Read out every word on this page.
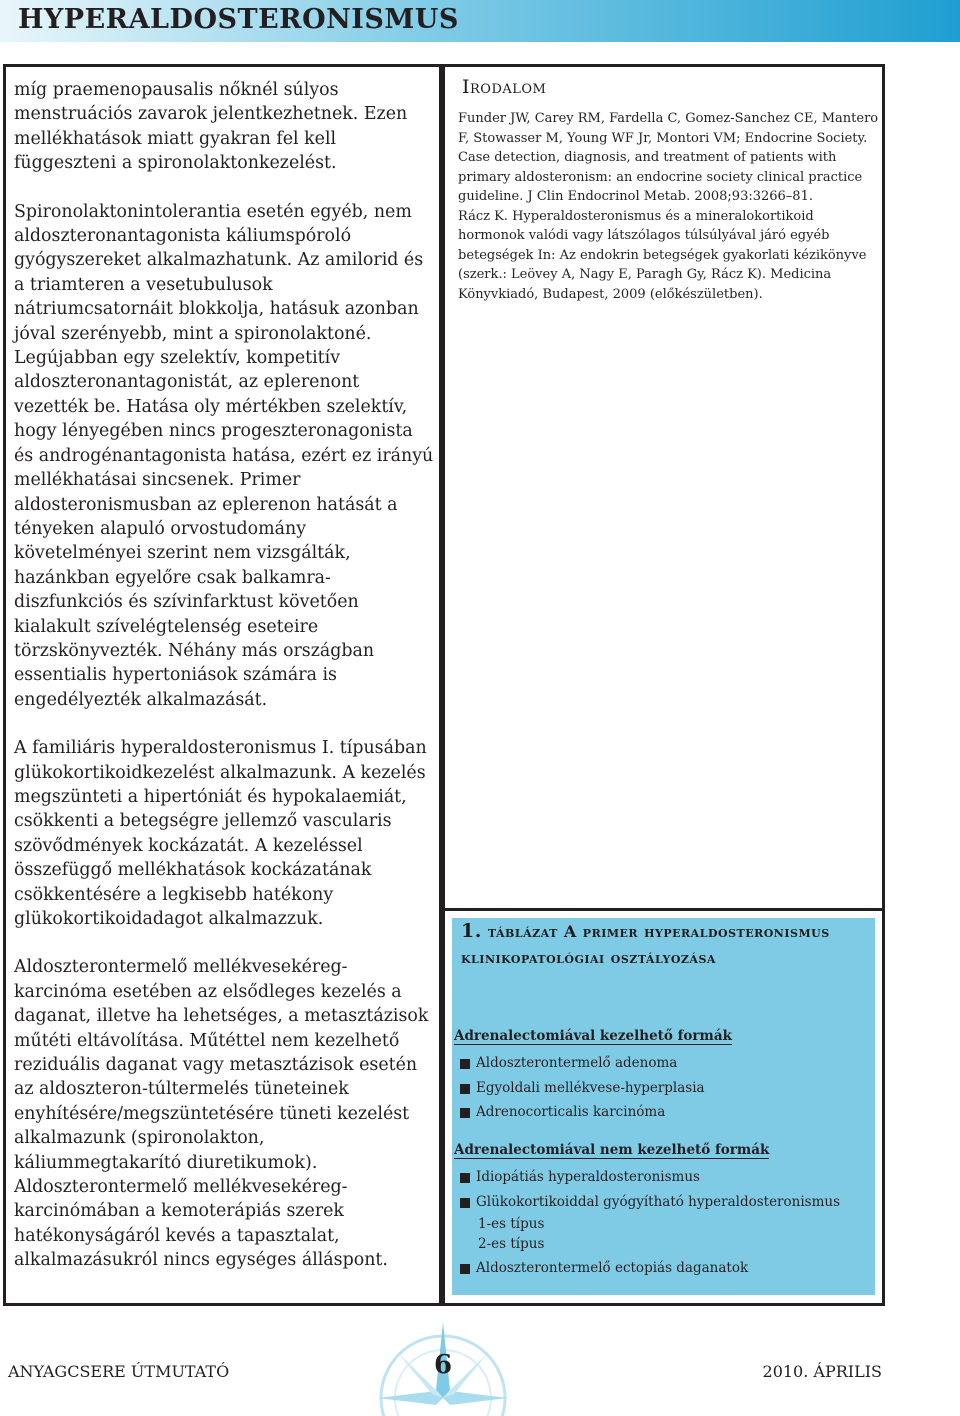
HYPERALDOSTERONISMUS

míg praemenopausalis nőknél súlyos menstruációs zavarok jelentkezhetnek. Ezen mellékhatások miatt gyakran fel kell függeszteni a spironolaktonkezelést.

Spironolaktonintolerantia esetén egyéb, nem aldoszteronantagonista káliumspóroló gyógyszereket alkalmazhatunk. Az amilorid és a triamteren a vesetubulusok nátriumcsatornáit blokkolja, hatásuk azonban jóval szerényebb, mint a spironolaktoné. Legújabban egy szelektív, kompetitív aldoszteronantagonistát, az eplerenont vezették be. Hatása oly mértékben szelektív, hogy lényegében nincs progeszteronagonista és androgénantagonista hatása, ezért ez irányú mellékhatásai sincsenek. Primer aldosteronismusban az eplerenon hatását a tényeken alapuló orvostudomány követelményei szerint nem vizsgálták, hazánkban egyelőre csak balkamra-diszfunkciós és szívinfarktust követően kialakult szívelégtelenség eseteire törzskönyvezték. Néhány más országban essentialis hypertoniások számára is engedélyezték alkalmazását.

A familiáris hyperaldosteronismus I. típusában glükokortikoidkezelést alkalmazunk. A kezelés megszünteti a hipertóniát és hypokalaemiát, csökkenti a betegségre jellemző vascularis szövődmények kockázatát. A kezeléssel összefüggő mellékhatások kockázatának csökkentésére a legkisebb hatékony glükokortikoidadagot alkalmazzuk.

Aldoszterontermelő mellékvesekéreg-karcinóma esetében az elsődleges kezelés a daganat, illetve ha lehetséges, a metasztázisok műtéti eltávolítása. Műtéttel nem kezelhető reziduális daganat vagy metasztázisok esetén az aldoszteron-túltermelés tüneteinek enyhítésére/megszüntetésére tüneti kezelést alkalmazunk (spironolakton, káliummegtakarító diuretikumok). Aldoszterontermelő mellékvesekéreg-karcinómában a kemoterápiás szerek hatékonyságáról kevés a tapasztalat, alkalmazásukról nincs egységes álláspont.

Irodalom

Funder JW, Carey RM, Fardella C, Gomez-Sanchez CE, Mantero F, Stowasser M, Young WF Jr, Montori VM; Endocrine Society. Case detection, diagnosis, and treatment of patients with primary aldosteronism: an endocrine society clinical practice guideline. J Clin Endocrinol Metab. 2008;93:3266–81.

Rácz K. Hyperaldosteronismus és a mineralokortikoid hormonok valódi vagy látszólagos túlsúlyával járó egyéb betegségek In: Az endokrin betegségek gyakorlati kézikönyve (szerk.: Leövey A, Nagy E, Paragh Gy, Rácz K). Medicina Könyvkiadó, Budapest, 2009 (előkészületben).

1. táblázat A primer hyperaldosteronismus klinikopatológiai osztályozása
Adrenalectomiával kezelhető formák
Aldoszterontermelő adenoma
Egyoldali mellékvese-hyperplasia
Adrenocorticalis karcinóma
Adrenalectomiával nem kezelhető formák
Idiopátiás hyperaldosteronismus
Glükokortikoiddal gyógyítható hyperaldosteronismus
1-es típus
2-es típus
Aldoszterontermelő ectopiás daganatok
ANYAGCSERE ÚTMUTATÓ	6	2010. ÁPRILIS
